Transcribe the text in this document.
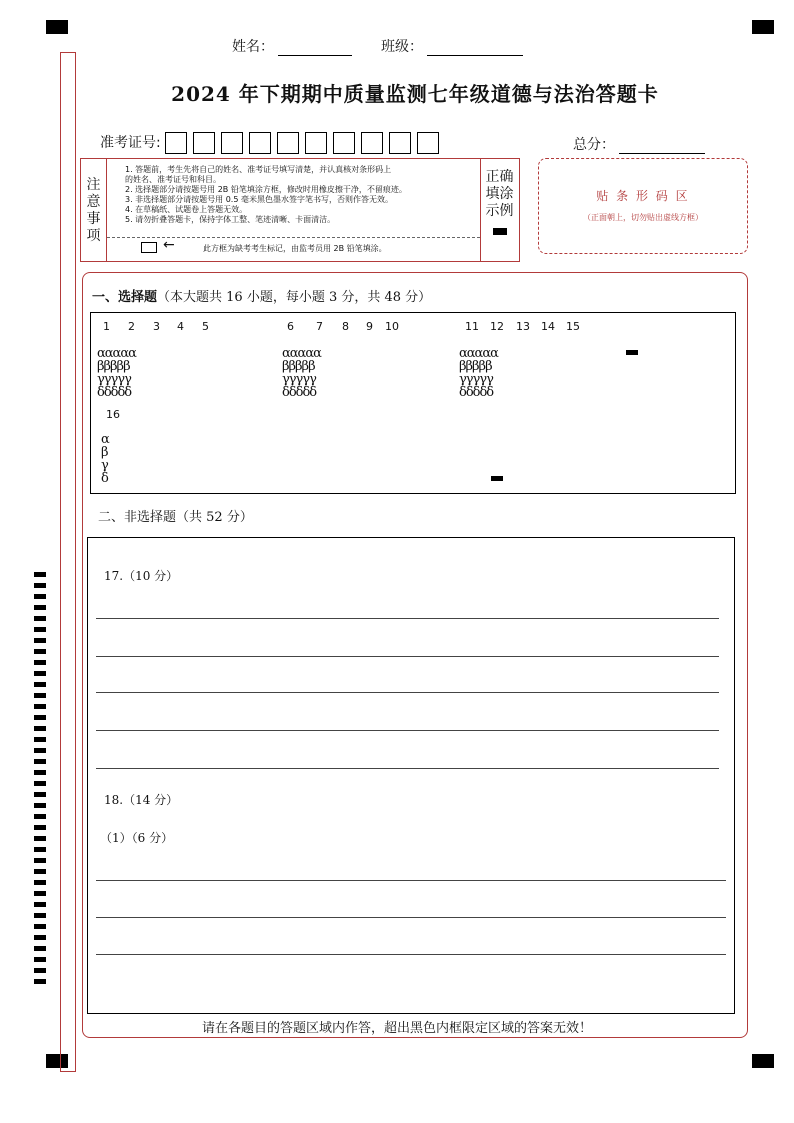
姓名：	班级：
2024 年下期期中质量监测七年级道德与法治答题卡
准考证号:	总分：
注
意
事
项
1. 答题前，考生先将自己的姓名、准考证号填写清楚，并认真核对条形码上
的姓名、准考证号和科目。
2. 选择题部分请按题号用 2B 铅笔填涂方框，修改时用橡皮擦干净，不留痕迹。
3. 非选择题部分请按题号用 0.5 毫米黑色墨水签字笔书写，否则作答无效。
4. 在草稿纸、试题卷上答题无效。
5. 请勿折叠答题卡，保持字体工整、笔迹清晰、卡面清洁。
←	此方框为缺考考生标记，由监考员用 2B 铅笔填涂。
正确
填涂
示例
贴 条 形 码 区
（正面朝上，切勿贴出虚线方框）
一、选择题（本大题共 16 小题，每小题 3 分，共 48 分）
1 2 3 4 5	6 7 8 9 10	11 12 13 14 15
ααααα
βββββ
γγγγγ
δδδδδ
ααααα
βββββ
γγγγγ
δδδδδ
ααααα
βββββ
γγγγγ
δδδδδ
16
α
β
γ
δ
二、非选择题（共 52 分）
17.（10 分）
18.（14 分）
（1）（6 分）
请在各题目的答题区域内作答，超出黑色内框限定区域的答案无效！
